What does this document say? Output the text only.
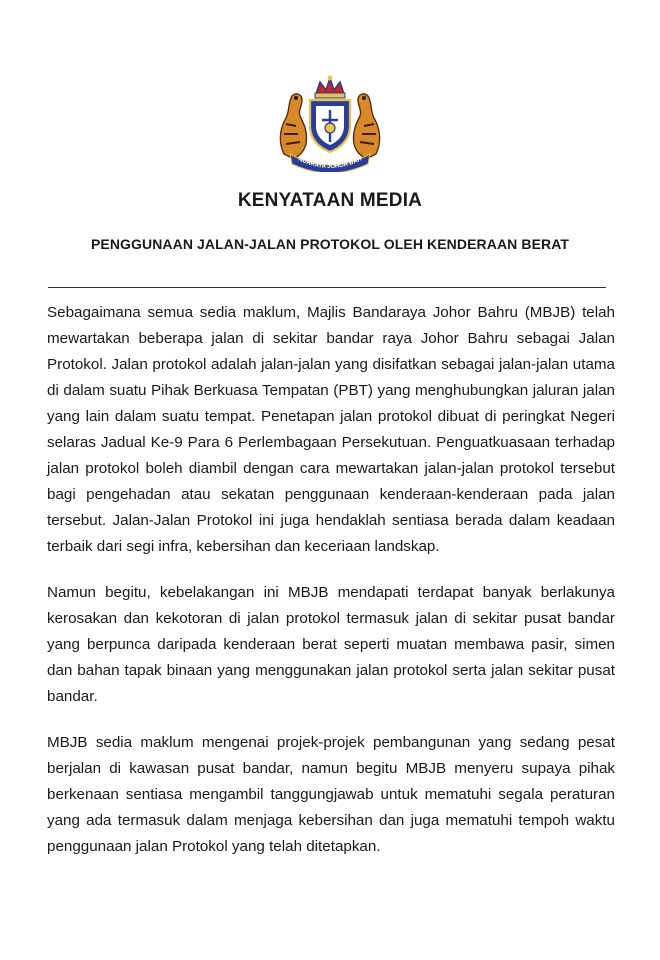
NDARAYA JOHOR BAH
KENYATAAN MEDIA
PENGGUNAAN JALAN-JALAN PROTOKOL OLEH KENDERAAN BERAT

Sebagaimana semua sedia maklum, Majlis Bandaraya Johor Bahru (MBJB) telah mewartakan beberapa jalan di sekitar bandar raya Johor Bahru sebagai Jalan Protokol. Jalan protokol adalah jalan-jalan yang disifatkan sebagai jalan-jalan utama di dalam suatu Pihak Berkuasa Tempatan (PBT) yang menghubungkan jaluran jalan yang lain dalam suatu tempat. Penetapan jalan protokol dibuat di peringkat Negeri selaras Jadual Ke-9 Para 6 Perlembagaan Persekutuan. Penguatkuasaan terhadap jalan protokol boleh diambil dengan cara mewartakan jalan-jalan protokol tersebut bagi pengehadan atau sekatan penggunaan kenderaan-kenderaan pada jalan tersebut. Jalan-Jalan Protokol ini juga hendaklah sentiasa berada dalam keadaan terbaik dari segi infra, kebersihan dan keceriaan landskap.

Namun begitu, kebelakangan ini MBJB mendapati terdapat banyak berlakunya kerosakan dan kekotoran di jalan protokol termasuk jalan di sekitar pusat bandar yang berpunca daripada kenderaan berat seperti muatan membawa pasir, simen dan bahan tapak binaan yang menggunakan jalan protokol serta jalan sekitar pusat bandar.

MBJB sedia maklum mengenai projek-projek pembangunan yang sedang pesat berjalan di kawasan pusat bandar, namun begitu MBJB menyeru supaya pihak berkenaan sentiasa mengambil tanggungjawab untuk mematuhi segala peraturan yang ada termasuk dalam menjaga kebersihan dan juga mematuhi tempoh waktu penggunaan jalan Protokol yang telah ditetapkan.
